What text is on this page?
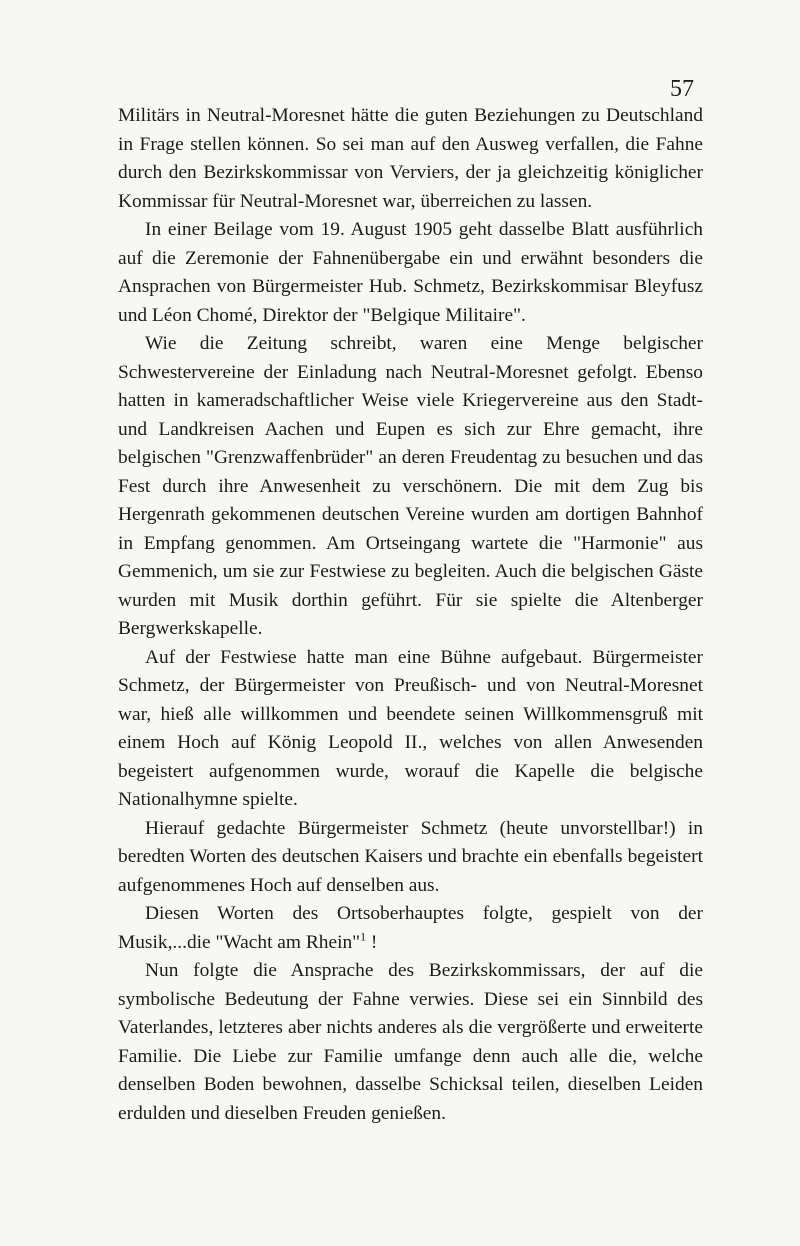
57

Militärs in Neutral-Moresnet hätte die guten Beziehungen zu Deutschland in Frage stellen können. So sei man auf den Ausweg verfallen, die Fahne durch den Bezirkskommissar von Verviers, der ja gleichzeitig königlicher Kommissar für Neutral-Moresnet war, überreichen zu lassen.

In einer Beilage vom 19. August 1905 geht dasselbe Blatt ausführlich auf die Zeremonie der Fahnenübergabe ein und erwähnt besonders die Ansprachen von Bürgermeister Hub. Schmetz, Bezirkskommisar Bleyfusz und Léon Chomé, Direktor der "Belgique Militaire".

Wie die Zeitung schreibt, waren eine Menge belgischer Schwestervereine der Einladung nach Neutral-Moresnet gefolgt. Ebenso hatten in kameradschaftlicher Weise viele Kriegervereine aus den Stadt- und Landkreisen Aachen und Eupen es sich zur Ehre gemacht, ihre belgischen "Grenzwaffenbrüder" an deren Freudentag zu besuchen und das Fest durch ihre Anwesenheit zu verschönern. Die mit dem Zug bis Hergenrath gekommenen deutschen Vereine wurden am dortigen Bahnhof in Empfang genommen. Am Ortseingang wartete die "Harmonie" aus Gemmenich, um sie zur Festwiese zu begleiten. Auch die belgischen Gäste wurden mit Musik dorthin geführt. Für sie spielte die Altenberger Bergwerkskapelle.

Auf der Festwiese hatte man eine Bühne aufgebaut. Bürgermeister Schmetz, der Bürgermeister von Preußisch- und von Neutral-Moresnet war, hieß alle willkommen und beendete seinen Willkommensgruß mit einem Hoch auf König Leopold II., welches von allen Anwesenden begeistert aufgenommen wurde, worauf die Kapelle die belgische Nationalhymne spielte.

Hierauf gedachte Bürgermeister Schmetz (heute unvorstellbar!) in beredten Worten des deutschen Kaisers und brachte ein ebenfalls begeistert aufgenommenes Hoch auf denselben aus.

Diesen Worten des Ortsoberhauptes folgte, gespielt von der Musik,...die "Wacht am Rhein"$^1$ !

Nun folgte die Ansprache des Bezirkskommissars, der auf die symbolische Bedeutung der Fahne verwies. Diese sei ein Sinnbild des Vaterlandes, letzteres aber nichts anderes als die vergrößerte und erweiterte Familie. Die Liebe zur Familie umfange denn auch alle die, welche denselben Boden bewohnen, dasselbe Schicksal teilen, dieselben Leiden erdulden und dieselben Freuden genießen.
